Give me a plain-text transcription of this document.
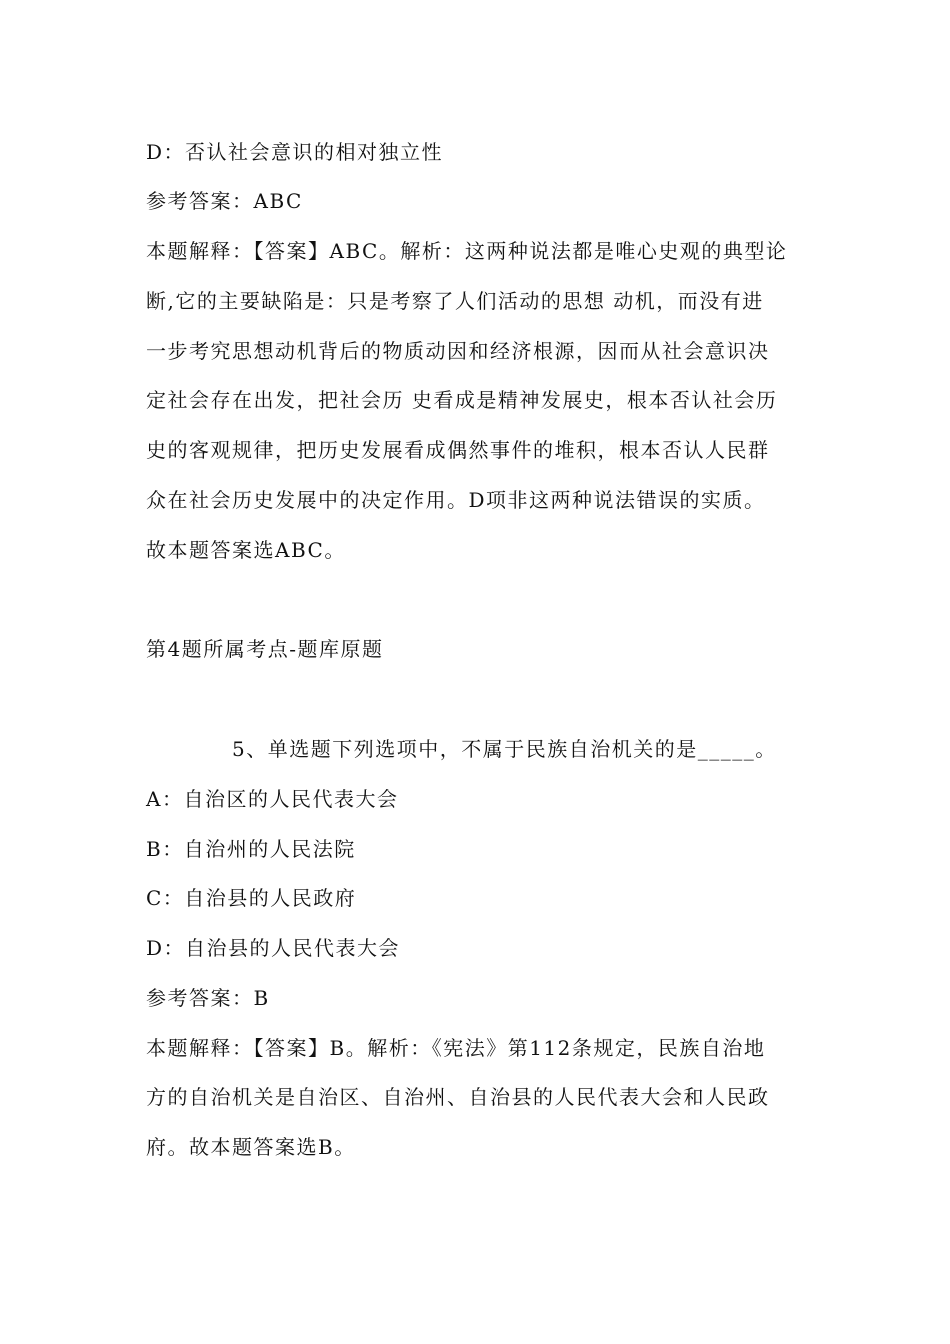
D：否认社会意识的相对独立性
参考答案：ABC
本题解释：【答案】ABC。解析：这两种说法都是唯心史观的典型论
断,它的主要缺陷是：只是考察了人们活动的思想 动机，而没有进
一步考究思想动机背后的物质动因和经济根源，因而从社会意识决
定社会存在出发，把社会历 史看成是精神发展史，根本否认社会历
史的客观规律，把历史发展看成偶然事件的堆积，根本否认人民群
众在社会历史发展中的决定作用。D项非这两种说法错误的实质。
故本题答案选ABC。
第4题所属考点-题库原题
5、单选题下列选项中，不属于民族自治机关的是_____。
A：自治区的人民代表大会
B：自治州的人民法院
C：自治县的人民政府
D：自治县的人民代表大会
参考答案：B
本题解释：【答案】B。解析：《宪法》第112条规定，民族自治地
方的自治机关是自治区、自治州、自治县的人民代表大会和人民政
府。故本题答案选B。
